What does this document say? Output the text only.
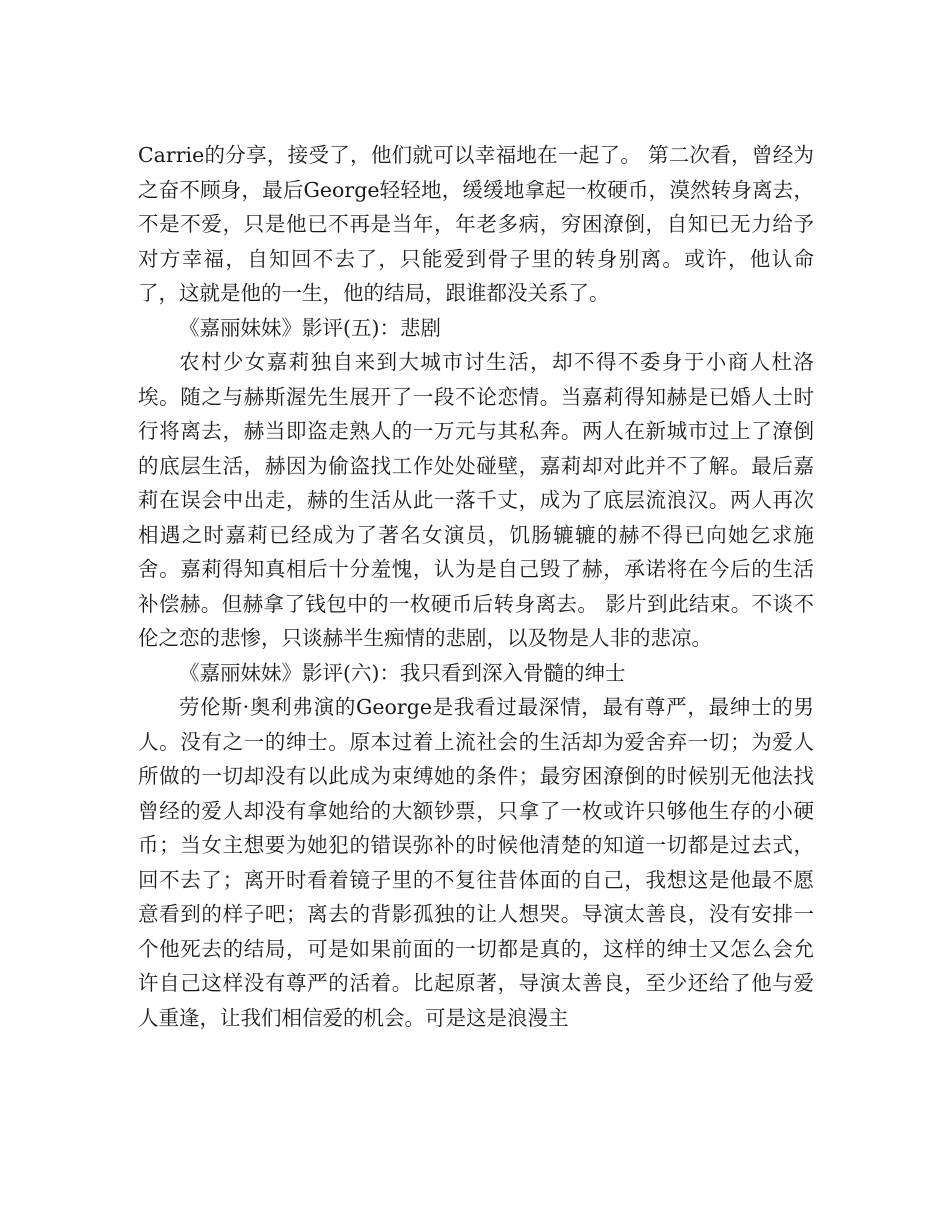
Carrie的分享，接受了，他们就可以幸福地在一起了。 第二次看，曾经为之奋不顾身，最后George轻轻地，缓缓地拿起一枚硬币，漠然转身离去，不是不爱，只是他已不再是当年，年老多病，穷困潦倒，自知已无力给予对方幸福，自知回不去了，只能爱到骨子里的转身别离。或许，他认命了，这就是他的一生，他的结局，跟谁都没关系了。

《嘉丽妹妹》影评(五)：悲剧

农村少女嘉莉独自来到大城市讨生活，却不得不委身于小商人杜洛埃。随之与赫斯渥先生展开了一段不论恋情。当嘉莉得知赫是已婚人士时行将离去，赫当即盗走熟人的一万元与其私奔。两人在新城市过上了潦倒的底层生活，赫因为偷盗找工作处处碰壁，嘉莉却对此并不了解。最后嘉莉在误会中出走，赫的生活从此一落千丈，成为了底层流浪汉。两人再次相遇之时嘉莉已经成为了著名女演员，饥肠辘辘的赫不得已向她乞求施舍。嘉莉得知真相后十分羞愧，认为是自己毁了赫，承诺将在今后的生活补偿赫。但赫拿了钱包中的一枚硬币后转身离去。 影片到此结束。不谈不伦之恋的悲惨，只谈赫半生痴情的悲剧，以及物是人非的悲凉。

《嘉丽妹妹》影评(六)：我只看到深入骨髓的绅士

劳伦斯·奥利弗演的George是我看过最深情，最有尊严，最绅士的男人。没有之一的绅士。原本过着上流社会的生活却为爱舍弃一切；为爱人所做的一切却没有以此成为束缚她的条件；最穷困潦倒的时候别无他法找曾经的爱人却没有拿她给的大额钞票，只拿了一枚或许只够他生存的小硬币；当女主想要为她犯的错误弥补的时候他清楚的知道一切都是过去式，回不去了；离开时看着镜子里的不复往昔体面的自己，我想这是他最不愿意看到的样子吧；离去的背影孤独的让人想哭。导演太善良，没有安排一个他死去的结局，可是如果前面的一切都是真的，这样的绅士又怎么会允许自己这样没有尊严的活着。比起原著，导演太善良，至少还给了他与爱人重逢，让我们相信爱的机会。可是这是浪漫主
